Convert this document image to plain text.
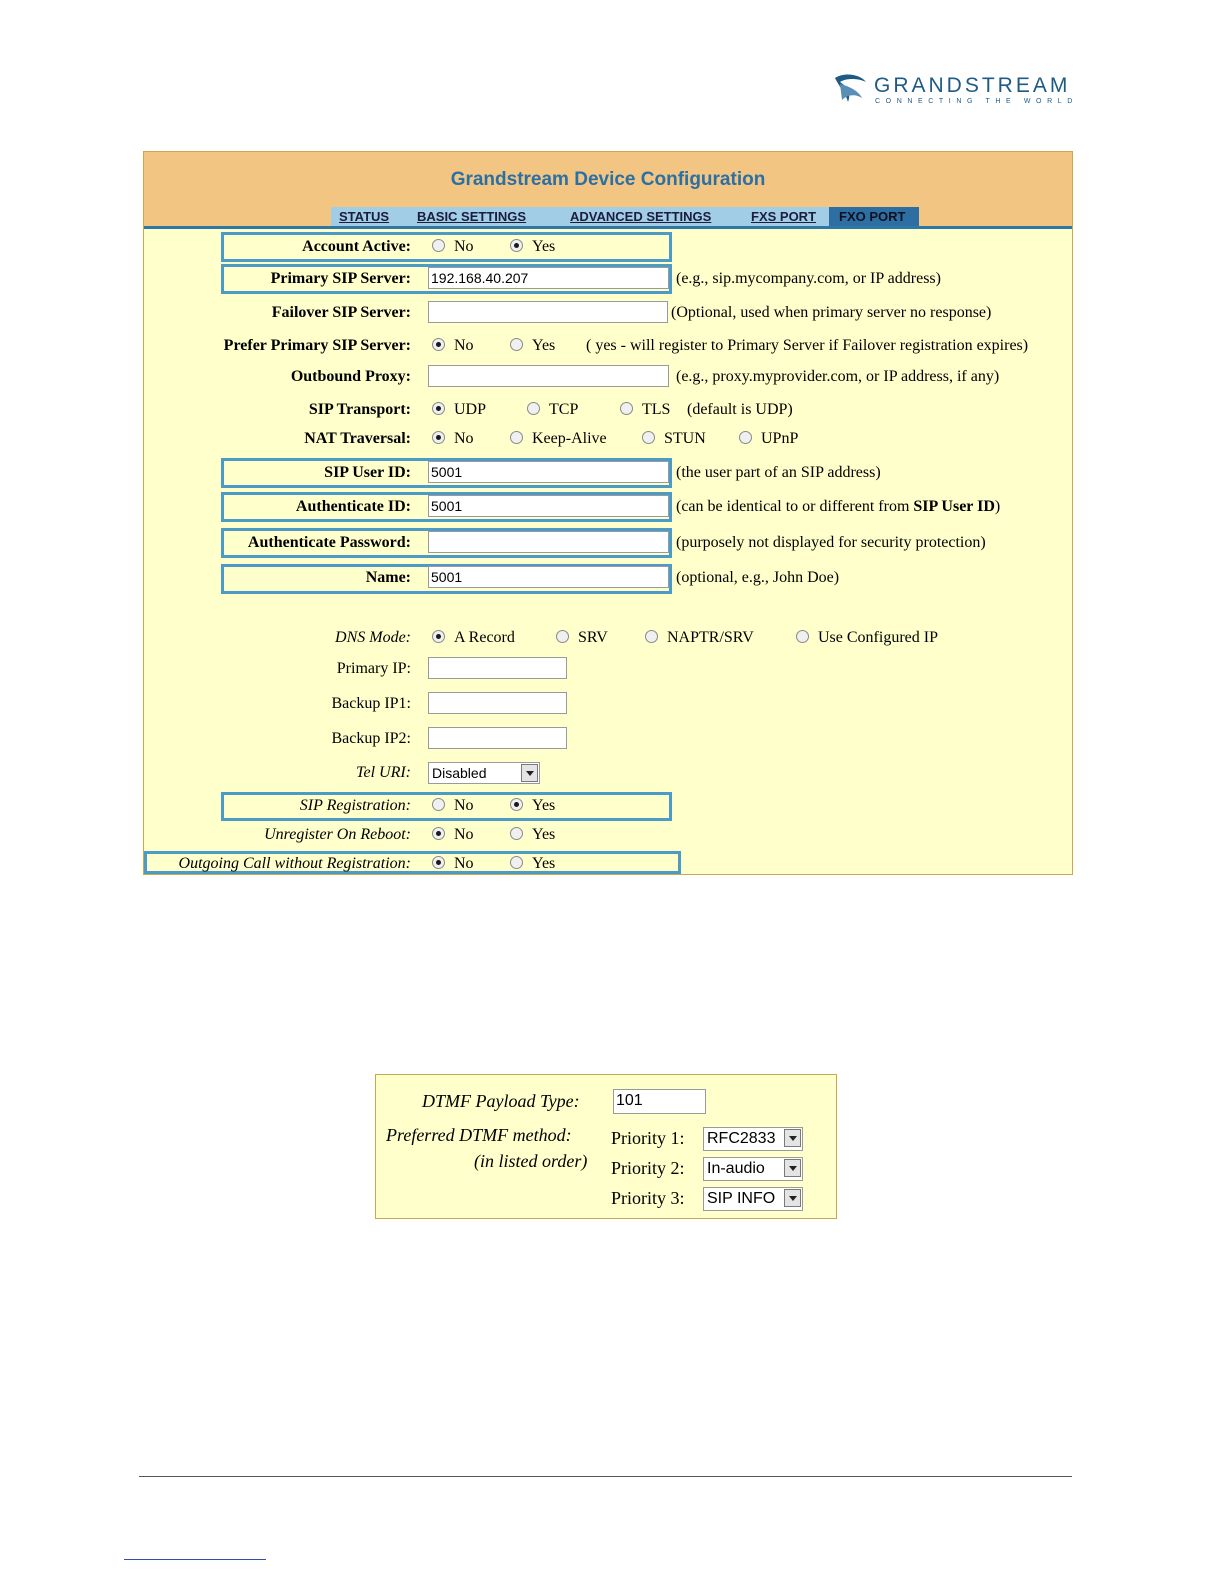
GRANDSTREAM
CONNECTING THE WORLD
Grandstream Device Configuration
STATUS	BASIC SETTINGS	ADVANCED SETTINGS	FXS PORT	FXO PORT
Account Active:	No	Yes
Primary SIP Server: 192.168.40.207	(e.g., sip.mycompany.com, or IP address)
Failover SIP Server:	(Optional, used when primary server no response)
Prefer Primary SIP Server:	No	Yes ( yes - will register to Primary Server if Failover registration expires)
Outbound Proxy:	(e.g., proxy.myprovider.com, or IP address, if any)
SIP Transport:	UDP	TCP	TLS (default is UDP)
NAT Traversal:	No	Keep-Alive	STUN	UPnP
SIP User ID: 5001	(the user part of an SIP address)
Authenticate ID: 5001	(can be identical to or different from SIP User ID)
Authenticate Password:	(purposely not displayed for security protection)
Name: 5001	(optional, e.g., John Doe)
DNS Mode:	A Record	SRV	NAPTR/SRV	Use Configured IP
Primary IP:
Backup IP1:
Backup IP2:
Tel URI: Disabled
SIP Registration:	No	Yes
Unregister On Reboot:	No	Yes
Outgoing Call without Registration:	No	Yes
DTMF Payload Type: 101
Preferred DTMF method:
(in listed order)
Priority 1: RFC2833
Priority 2: In-audio
Priority 3: SIP INFO
